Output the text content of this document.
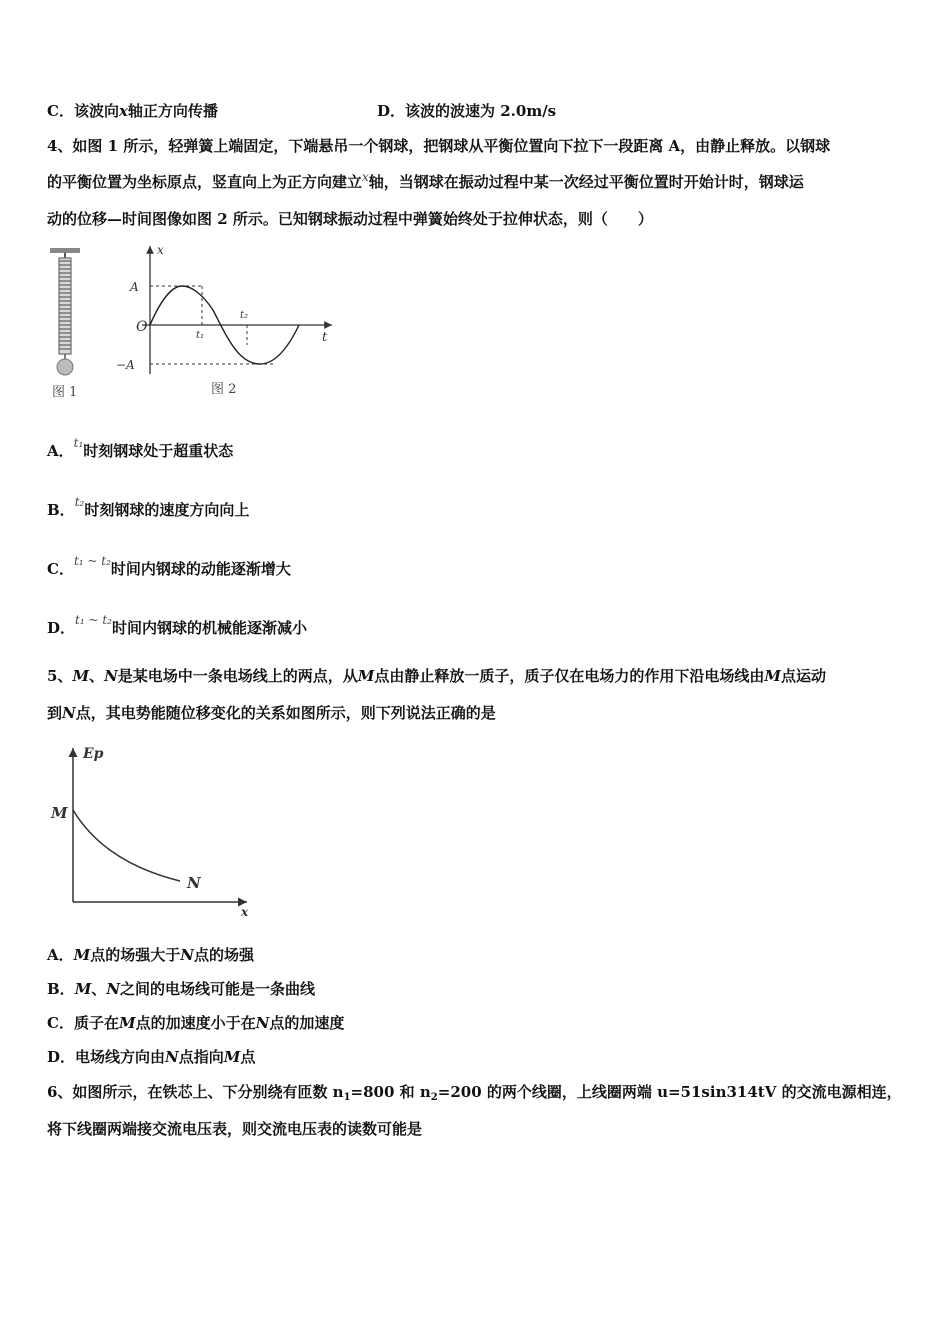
C．该波向x轴正方向传播	D．该波的波速为 2.0m/s
4、如图 1 所示，轻弹簧上端固定，下端悬吊一个钢球，把钢球从平衡位置向下拉下一段距离 A，由静止释放。以钢球
的平衡位置为坐标原点，竖直向上为正方向建立$^x$轴，当钢球在振动过程中某一次经过平衡位置时开始计时，钢球运
动的位移—时间图像如图 2 所示。已知钢球振动过程中弹簧始终处于拉伸状态，则（　　）
图 1
x
t
O
A
−A
t₁
t₂
图 2
A．$^{t_1}$时刻钢球处于超重状态
B．$^{t_2}$时刻钢球的速度方向向上
C．$^{t_1 \sim t_2}$时间内钢球的动能逐渐增大
D．$^{t_1 \sim t_2}$时间内钢球的机械能逐渐减小
5、M、N是某电场中一条电场线上的两点，从M点由静止释放一质子，质子仅在电场力的作用下沿电场线由M点运动
到N点，其电势能随位移变化的关系如图所示，则下列说法正确的是
Ep
x
M
N
A．M点的场强大于N点的场强
B．M、N之间的电场线可能是一条曲线
C．质子在M点的加速度小于在N点的加速度
D．电场线方向由N点指向M点
6、如图所示，在铁芯上、下分别绕有匝数 $n_1=800$ 和 $n_2=200$ 的两个线圈，上线圈两端 u=51sin314tV 的交流电源相连，
将下线圈两端接交流电压表，则交流电压表的读数可能是
